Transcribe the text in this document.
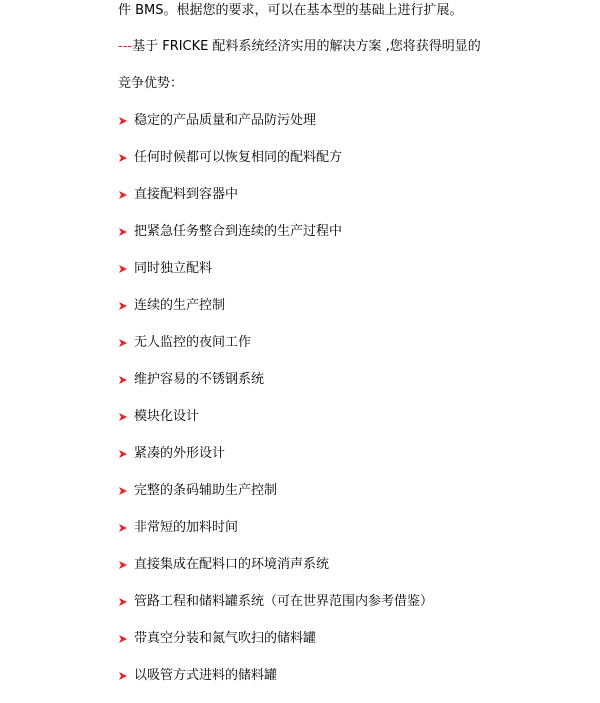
件 BMS。根据您的要求，可以在基本型的基础上进行扩展。
---基于 FRICKE 配料系统经济实用的解决方案 ,您将获得明显的
竞争优势：
稳定的产品质量和产品防污处理
任何时候都可以恢复相同的配料配方
直接配料到容器中
把紧急任务整合到连续的生产过程中
同时独立配料
连续的生产控制
无人监控的夜间工作
维护容易的不锈钢系统
模块化设计
紧凑的外形设计
完整的条码辅助生产控制
非常短的加料时间
直接集成在配料口的环境消声系统
管路工程和储料罐系统（可在世界范围内参考借鉴）
带真空分装和氮气吹扫的储料罐
以吸管方式进料的储料罐
